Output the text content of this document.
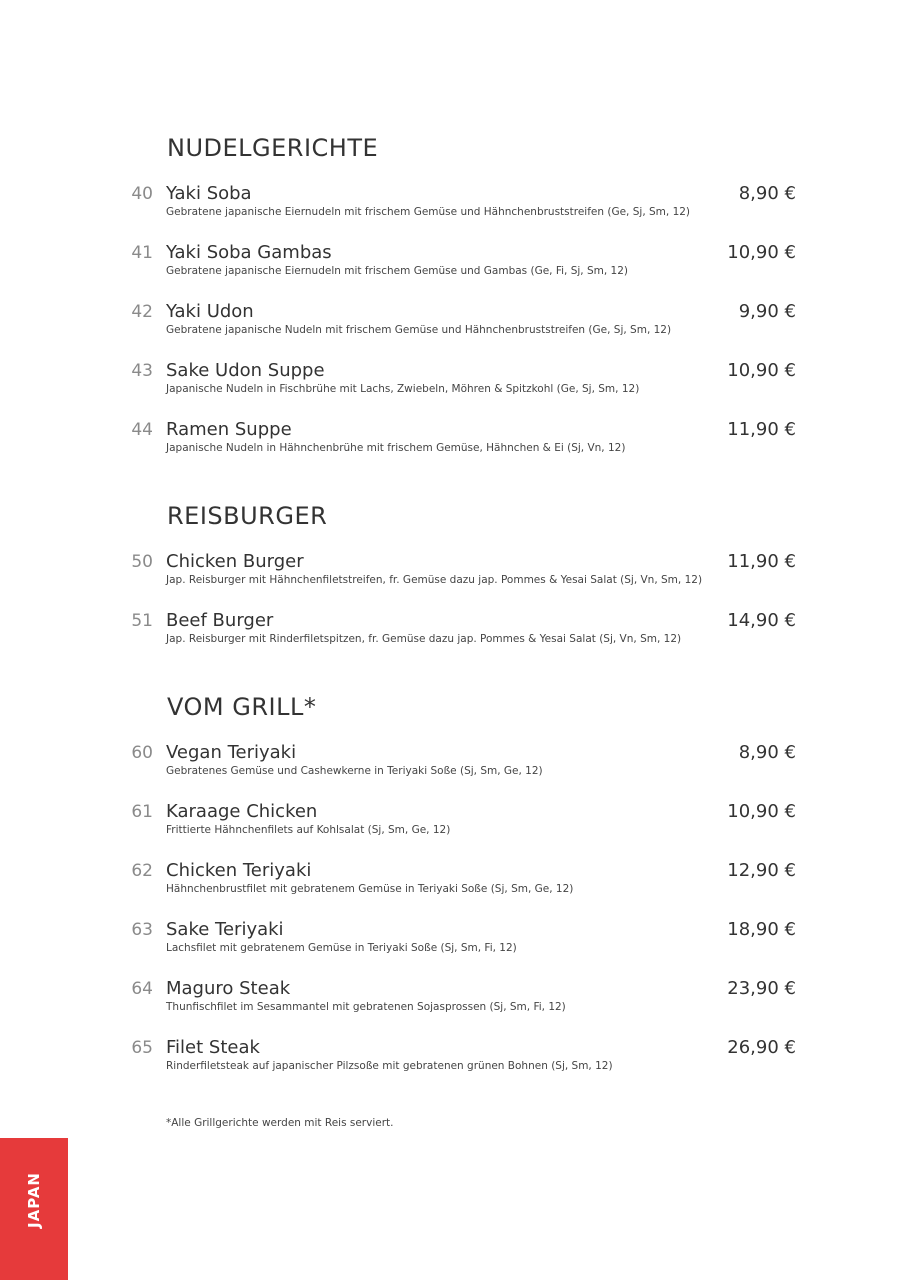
NUDELGERICHTE
40 Yaki Soba
Gebratene japanische Eiernudeln mit frischem Gemüse und Hähnchenbruststreifen (Ge, Sj, Sm, 12)
8,90 €
41 Yaki Soba Gambas
Gebratene japanische Eiernudeln mit frischem Gemüse und Gambas (Ge, Fi, Sj, Sm, 12)
10,90 €
42 Yaki Udon
Gebratene japanische Nudeln mit frischem Gemüse und Hähnchenbruststreifen (Ge, Sj, Sm, 12)
9,90 €
43 Sake Udon Suppe
Japanische Nudeln in Fischbrühe mit Lachs, Zwiebeln, Möhren & Spitzkohl (Ge, Sj, Sm, 12)
10,90 €
44 Ramen Suppe
Japanische Nudeln in Hähnchenbrühe mit frischem Gemüse, Hähnchen & Ei (Sj, Vn, 12)
11,90 €
REISBURGER
50 Chicken Burger
Jap. Reisburger mit Hähnchenfiletstreifen, fr. Gemüse dazu jap. Pommes & Yesai Salat (Sj, Vn, Sm, 12)
11,90 €
51 Beef Burger
Jap. Reisburger mit Rinderfiletspitzen, fr. Gemüse dazu jap. Pommes & Yesai Salat (Sj, Vn, Sm, 12)
14,90 €
VOM GRILL*
60 Vegan Teriyaki
Gebratenes Gemüse und Cashewkerne in Teriyaki Soße (Sj, Sm, Ge, 12)
8,90 €
61 Karaage Chicken
Frittierte Hähnchenfilets auf Kohlsalat (Sj, Sm, Ge, 12)
10,90 €
62 Chicken Teriyaki
Hähnchenbrustfilet mit gebratenem Gemüse in Teriyaki Soße (Sj, Sm, Ge, 12)
12,90 €
63 Sake Teriyaki
Lachsfilet mit gebratenem Gemüse in Teriyaki Soße (Sj, Sm, Fi, 12)
18,90 €
64 Maguro Steak
Thunfischfilet im Sesammantel mit gebratenen Sojasprossen (Sj, Sm, Fi, 12)
23,90 €
65 Filet Steak
Rinderfiletsteak auf japanischer Pilzsoße mit gebratenen grünen Bohnen (Sj, Sm, 12)
26,90 €
*Alle Grillgerichte werden mit Reis serviert.
JAPAN
